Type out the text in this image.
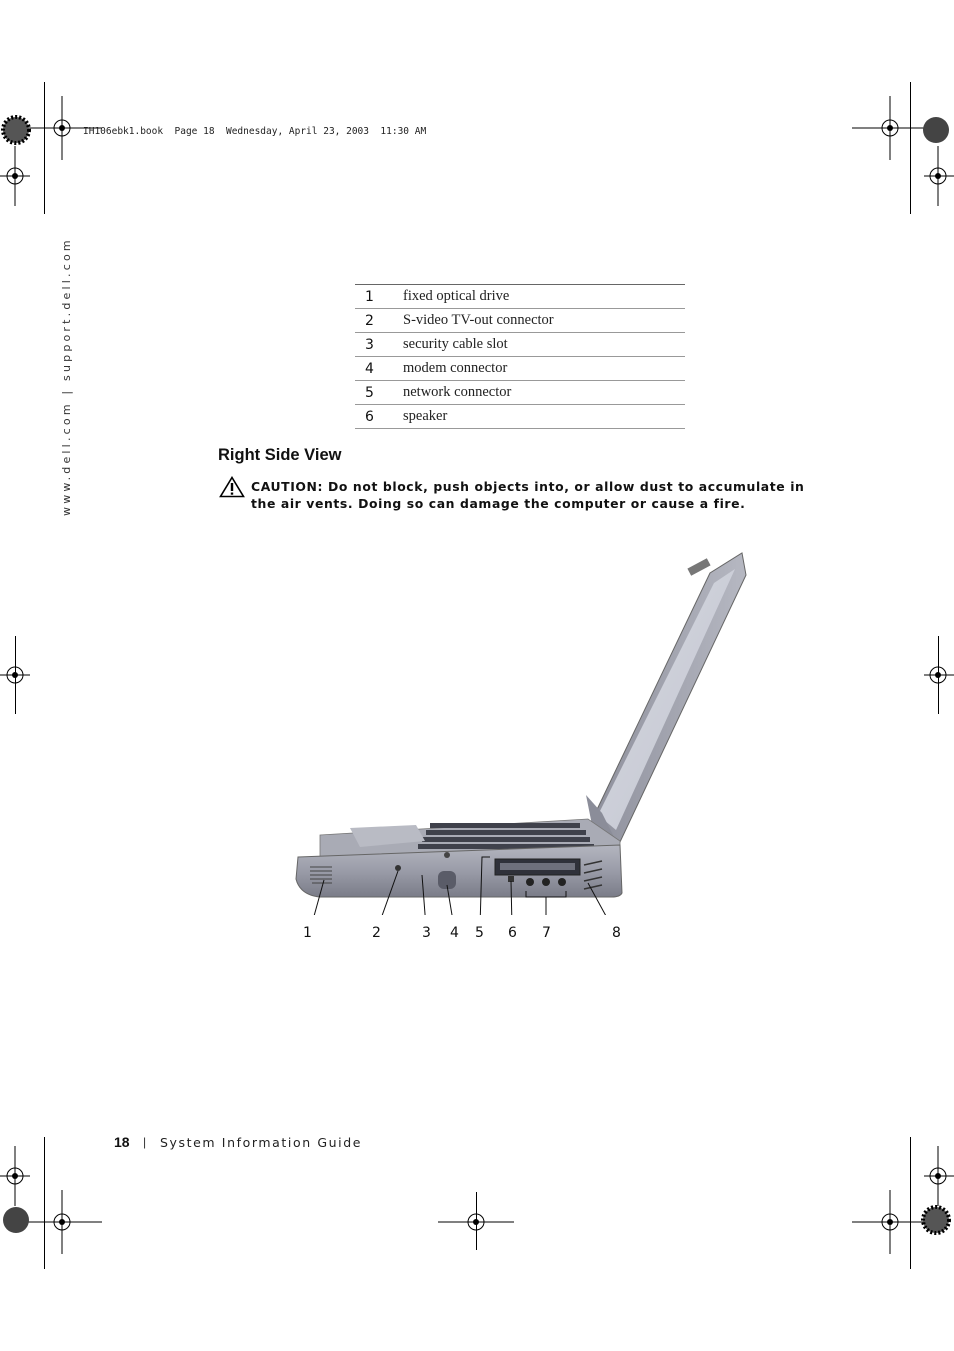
IH106ebk1.book  Page 18  Wednesday, April 23, 2003  11:30 AM
www.dell.com | support.dell.com	1	fixed optical drive
2	S-video TV-out connector
3	security cable slot
4	modem connector
5	network connector
6	speaker
Right Side View
CAUTION: Do not block, push objects into, or allow dust to accumulate in the air vents. Doing so can damage the computer or cause a fire.
1	2	3 4 5 6 7	8
18 | System Information Guide
